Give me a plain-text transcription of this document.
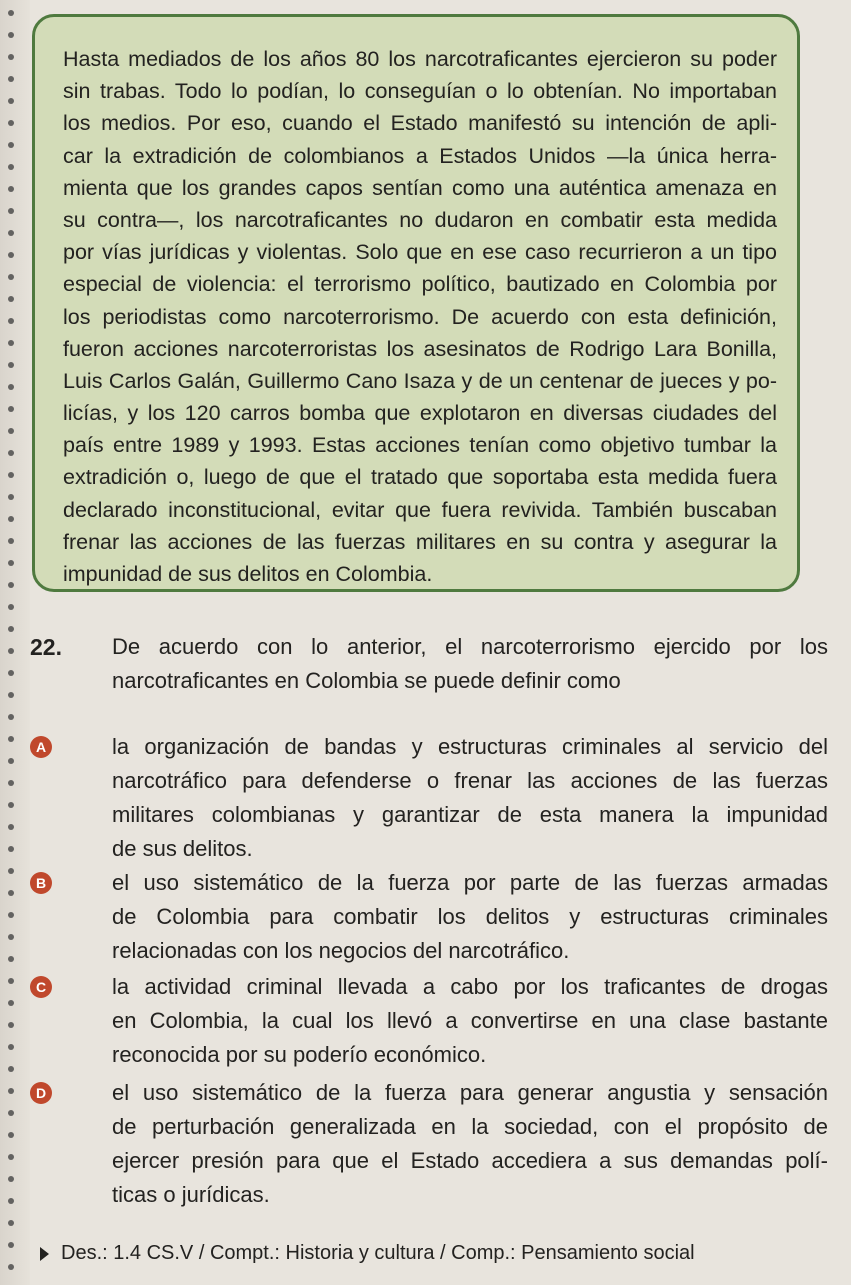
Hasta mediados de los años 80 los narcotraficantes ejercieron su poder
sin trabas. Todo lo podían, lo conseguían o lo obtenían. No importaban
los medios. Por eso, cuando el Estado manifestó su intención de apli-
car la extradición de colombianos a Estados Unidos —la única herra-
mienta que los grandes capos sentían como una auténtica amenaza en
su contra—, los narcotraficantes no dudaron en combatir esta medida
por vías jurídicas y violentas. Solo que en ese caso recurrieron a un tipo
especial de violencia: el terrorismo político, bautizado en Colombia por
los periodistas como narcoterrorismo. De acuerdo con esta definición,
fueron acciones narcoterroristas los asesinatos de Rodrigo Lara Bonilla,
Luis Carlos Galán, Guillermo Cano Isaza y de un centenar de jueces y po-
licías, y los 120 carros bomba que explotaron en diversas ciudades del
país entre 1989 y 1993. Estas acciones tenían como objetivo tumbar la
extradición o, luego de que el tratado que soportaba esta medida fuera
declarado inconstitucional, evitar que fuera revivida. También buscaban
frenar las acciones de las fuerzas militares en su contra y asegurar la
impunidad de sus delitos en Colombia.
22. De acuerdo con lo anterior, el narcoterrorismo ejercido por los
narcotraficantes en Colombia se puede definir como
A	la organización de bandas y estructuras criminales al servicio del
narcotráfico para defenderse o frenar las acciones de las fuerzas
militares colombianas y garantizar de esta manera la impunidad
de sus delitos.
B	el uso sistemático de la fuerza por parte de las fuerzas armadas
de Colombia para combatir los delitos y estructuras criminales
relacionadas con los negocios del narcotráfico.
C	la actividad criminal llevada a cabo por los traficantes de drogas
en Colombia, la cual los llevó a convertirse en una clase bastante
reconocida por su poderío económico.
D	el uso sistemático de la fuerza para generar angustia y sensación
de perturbación generalizada en la sociedad, con el propósito de
ejercer presión para que el Estado accediera a sus demandas polí-
ticas o jurídicas.
Des.: 1.4 CS.V / Compt.: Historia y cultura / Comp.: Pensamiento social
